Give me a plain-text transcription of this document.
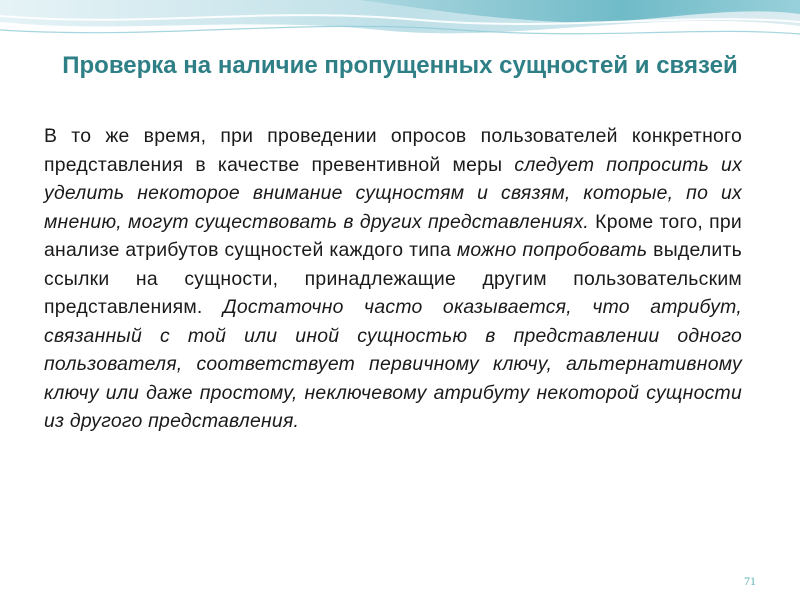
Проверка на наличие пропущенных сущностей и связей
В то же время, при проведении опросов пользователей конкретного представления в качестве превентивной меры следует попросить их уделить некоторое внимание сущностям и связям, которые, по их мнению, могут существовать в других представлениях. Кроме того, при анализе атрибутов сущностей каждого типа можно попробовать выделить ссылки на сущности, принадлежащие другим пользовательским представлениям. Достаточно часто оказывается, что атрибут, связанный с той или иной сущностью в представлении одного пользователя, соответствует первичному ключу, альтернативному ключу или даже простому, неключевому атрибуту некоторой сущности из другого представления.
71
